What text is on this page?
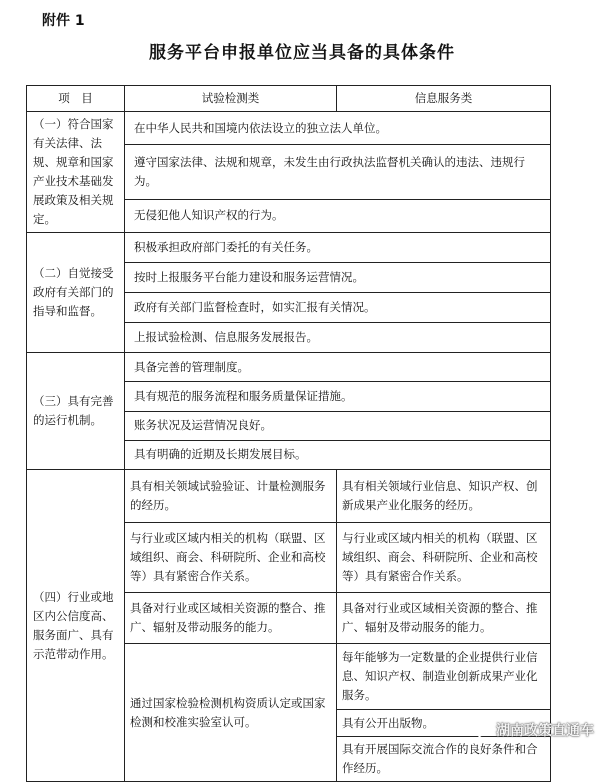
附件 1
服务平台申报单位应当具备的具体条件
项　目	试验检测类	信息服务类
（一）符合国家有关法律、法规、规章和国家产业技术基础发展政策及相关规定。	在中华人民共和国境内依法设立的独立法人单位。	
	遵守国家法律、法规和规章，未发生由行政执法监督机关确认的违法、违规行为。	
	无侵犯他人知识产权的行为。	
（二）自觉接受政府有关部门的指导和监督。	积极承担政府部门委托的有关任务。	
	按时上报服务平台能力建设和服务运营情况。	
	政府有关部门监督检查时，如实汇报有关情况。	
	上报试验检测、信息服务发展报告。	
（三）具有完善的运行机制。	具备完善的管理制度。	
	具有规范的服务流程和服务质量保证措施。	
	账务状况及运营情况良好。	
	具有明确的近期及长期发展目标。	
（四）行业或地区内公信度高、服务面广、具有示范带动作用。	具有相关领域试验验证、计量检测服务的经历。	具有相关领域行业信息、知识产权、创新成果产业化服务的经历。
	与行业或区域内相关的机构（联盟、区域组织、商会、科研院所、企业和高校等）具有紧密合作关系。	与行业或区域内相关的机构（联盟、区域组织、商会、科研院所、企业和高校等）具有紧密合作关系。
	具备对行业或区域相关资源的整合、推广、辐射及带动服务的能力。	具备对行业或区域相关资源的整合、推广、辐射及带动服务的能力。
	通过国家检验检测机构资质认定或国家检测和校准实验室认可。	每年能够为一定数量的企业提供行业信息、知识产权、制造业创新成果产业化服务。
		具有公开出版物。
		具有开展国际交流合作的良好条件和合作经历。
湖南政策直通车
